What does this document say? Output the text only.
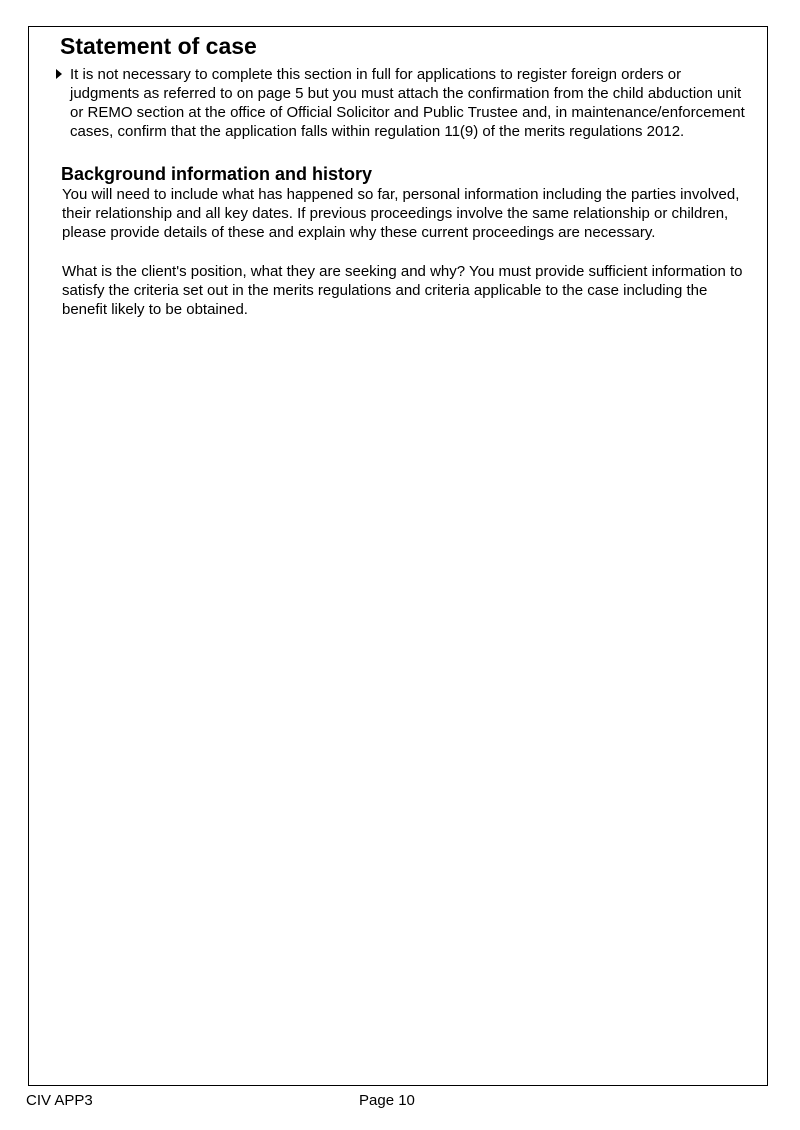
Statement of case
It is not necessary to complete this section in full for applications to register foreign orders or judgments as referred to on page 5 but you must attach the confirmation from the child abduction unit or REMO section at the office of Official Solicitor and Public Trustee and, in maintenance/enforcement cases, confirm that the application falls within regulation 11(9) of the merits regulations 2012.
Background information and history

You will need to include what has happened so far, personal information including the parties involved, their relationship and all key dates. If previous proceedings involve the same relationship or children, please provide details of these and explain why these current proceedings are necessary.

What is the client's position, what they are seeking and why? You must provide sufficient information to satisfy the criteria set out in the merits regulations and criteria applicable to the case including the benefit likely to be obtained.

CIV APP3	Page 10
